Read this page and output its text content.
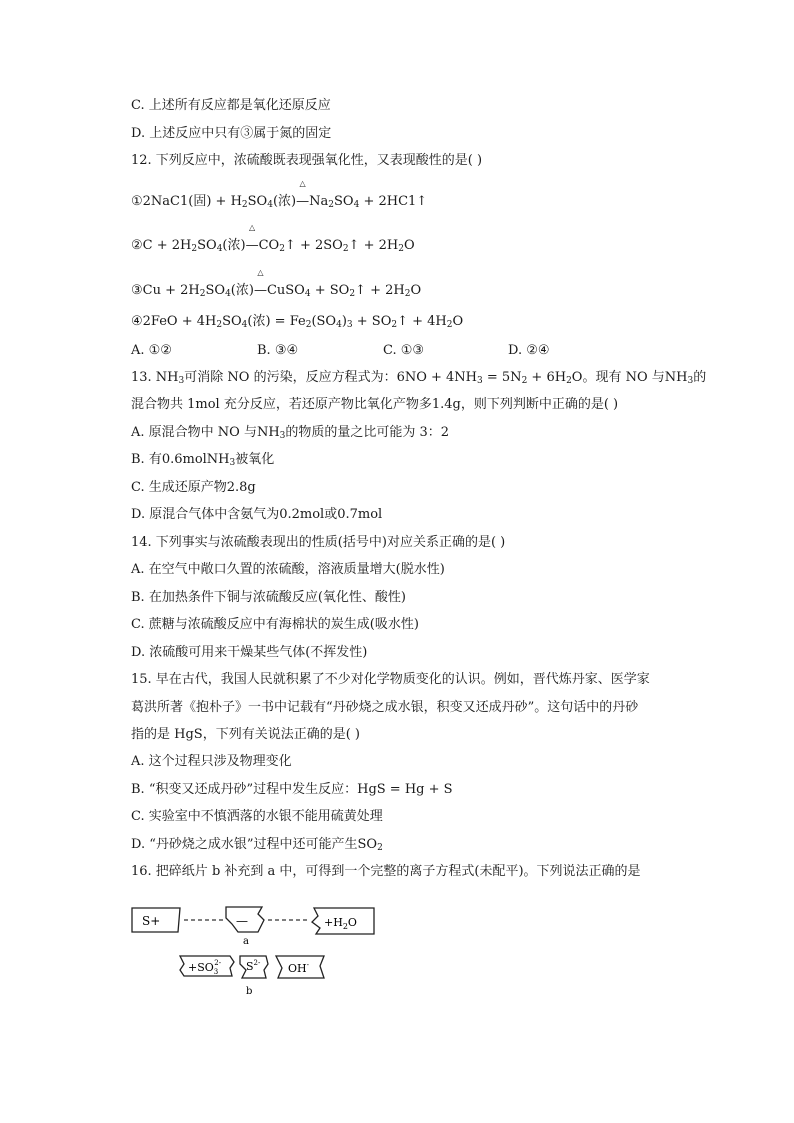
C. 上述所有反应都是氧化还原反应
D. 上述反应中只有③属于氮的固定
12. 下列反应中，浓硫酸既表现强氧化性，又表现酸性的是( )
①2NaC1(固) + $H_2SO_4$(浓)
△
$—Na_2SO_4$ + 2HC1↑
②C + $2H_2SO_4$(浓)
△
$—CO_2↑$ + $2SO_2↑ + 2H_2O$
③Cu + $2H_2SO_4$(浓)
△
—CuSO$_4$ + $SO_2↑ + 2H_2O$
④2FeO + $4H_2SO_4$(浓) = $Fe_2(SO_4)_3$ + $SO_2↑ + 4H_2O$
A. ①②	B. ③④	C. ①③	D. ②④
13. $NH_3$可消除 NO 的污染，反应方程式为：$6NO + 4NH_3 = 5N_2 + 6H_2O$。现有 NO 与$NH_3$的
混合物共 1mol 充分反应，若还原产物比氧化产物多1.4g，则下列判断中正确的是( )
A. 原混合物中 NO 与$NH_3$的物质的量之比可能为 3：2
B. 有0.6molNH$_3$被氧化
C. 生成还原产物2.8g
D. 原混合气体中含氨气为0.2mol或0.7mol
14. 下列事实与浓硫酸表现出的性质(括号中)对应关系正确的是( )
A. 在空气中敞口久置的浓硫酸，溶液质量增大(脱水性)
B. 在加热条件下铜与浓硫酸反应(氧化性、酸性)
C. 蔗糖与浓硫酸反应中有海棉状的炭生成(吸水性)
D. 浓硫酸可用来干燥某些气体(不挥发性)
15. 早在古代，我国人民就积累了不少对化学物质变化的认识。例如，晋代炼丹家、医学家
葛洪所著《抱朴子》一书中记载有“丹砂烧之成水银，积变又还成丹砂”。这句话中的丹砂
指的是 HgS，下列有关说法正确的是( )
A. 这个过程只涉及物理变化
B. “积变又还成丹砂”过程中发生反应：HgS = Hg + S
C. 实验室中不慎洒落的水银不能用硫黄处理
D. “丹砂烧之成水银”过程中还可能产生$SO_2$
16. 把碎纸片 b 补充到 a 中，可得到一个完整的离子方程式(未配平)。下列说法正确的是
S+	—	$+H_2O$
a
$+SO_32-$ $S^{2-}$	OH-
b
